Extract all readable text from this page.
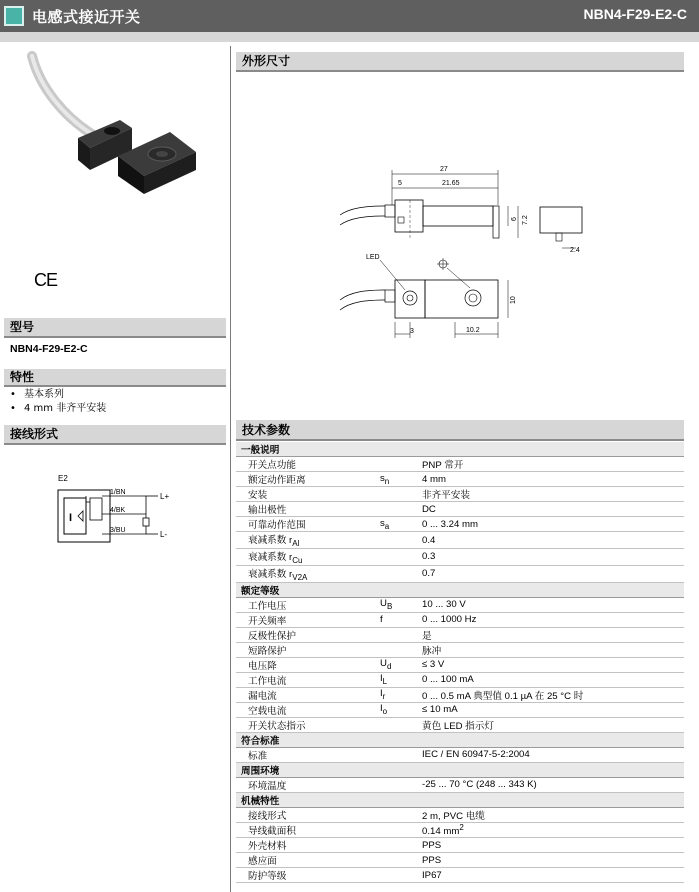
电感式接近开关	NBN4-F29-E2-C
CE
型号
NBN4-F29-E2-C
特性
• 基本系列
• 4 mm 非齐平安装
接线形式
E2
I
1/BN
4/BK
3/BU
L+
L-
外形尺寸
27
5	21.65
6 7.2
2.4
LED
10
3	10.2
技术参数
一般说明		
开关点功能		PNP 常开
额定动作距离	$s_n$	4 mm
安装		非齐平安装
输出极性		DC
可靠动作范围	$s_a$	0 ... 3.24 mm
衰减系数 $r_{Al}$		0.4
衰减系数 $r_{Cu}$		0.3
衰减系数 $r_{V2A}$		0.7
额定等级		
工作电压	$U_B$	10 ... 30 V
开关频率	f	0 ... 1000 Hz
反极性保护		是
短路保护		脉冲
电压降	$U_d$	≤ 3 V
工作电流	$I_L$	0 ... 100 mA
漏电流	$I_r$	0 ... 0.5 mA 典型值 0.1 µA 在 25 °C 时
空载电流	$I_o$	≤ 10 mA
开关状态指示		黄色 LED 指示灯
符合标准		
标准		IEC / EN 60947-5-2:2004
周围环境		
环境温度		-25 ... 70 °C (248 ... 343 K)
机械特性		
接线形式		2 m, PVC 电缆
导线截面积		0.14 $mm^2$
外壳材料		PPS
感应面		PPS
防护等级		IP67
